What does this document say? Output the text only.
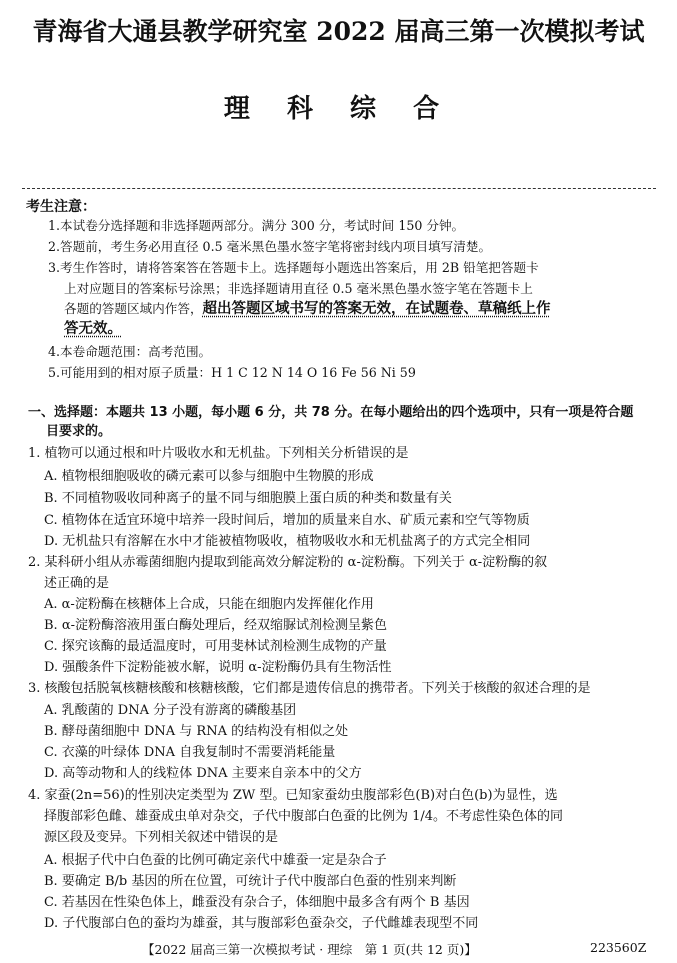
青海省大通县教学研究室 2022 届高三第一次模拟考试
理 科 综 合
考生注意：
1.本试卷分选择题和非选择题两部分。满分 300 分，考试时间 150 分钟。
2.答题前，考生务必用直径 0.5 毫米黑色墨水签字笔将密封线内项目填写清楚。
3.考生作答时，请将答案答在答题卡上。选择题每小题选出答案后，用 2B 铅笔把答题卡
上对应题目的答案标号涂黑；非选择题请用直径 0.5 毫米黑色墨水签字笔在答题卡上
各题的答题区域内作答，超出答题区域书写的答案无效，在试题卷、草稿纸上作
答无效。
4.本卷命题范围：高考范围。
5.可能用到的相对原子质量：H 1 C 12 N 14 O 16 Fe 56 Ni 59
一、选择题：本题共 13 小题，每小题 6 分，共 78 分。在每小题给出的四个选项中，只有一项是符合题
目要求的。
1. 植物可以通过根和叶片吸收水和无机盐。下列相关分析错误的是
A. 植物根细胞吸收的磷元素可以参与细胞中生物膜的形成
B. 不同植物吸收同种离子的量不同与细胞膜上蛋白质的种类和数量有关
C. 植物体在适宜环境中培养一段时间后，增加的质量来自水、矿质元素和空气等物质
D. 无机盐只有溶解在水中才能被植物吸收，植物吸收水和无机盐离子的方式完全相同
2. 某科研小组从赤霉菌细胞内提取到能高效分解淀粉的 α-淀粉酶。下列关于 α-淀粉酶的叙
述正确的是
A. α-淀粉酶在核糖体上合成，只能在细胞内发挥催化作用
B. α-淀粉酶溶液用蛋白酶处理后，经双缩脲试剂检测呈紫色
C. 探究该酶的最适温度时，可用斐林试剂检测生成物的产量
D. 强酸条件下淀粉能被水解，说明 α-淀粉酶仍具有生物活性
3. 核酸包括脱氧核糖核酸和核糖核酸，它们都是遗传信息的携带者。下列关于核酸的叙述合理的是
A. 乳酸菌的 DNA 分子没有游离的磷酸基团
B. 酵母菌细胞中 DNA 与 RNA 的结构没有相似之处
C. 衣藻的叶绿体 DNA 自我复制时不需要消耗能量
D. 高等动物和人的线粒体 DNA 主要来自亲本中的父方
4. 家蚕(2n=56)的性别决定类型为 ZW 型。已知家蚕幼虫腹部彩色(B)对白色(b)为显性，选
择腹部彩色雌、雄蚕成虫单对杂交，子代中腹部白色蚕的比例为 1/4。不考虑性染色体的同
源区段及变异。下列相关叙述中错误的是
A. 根据子代中白色蚕的比例可确定亲代中雄蚕一定是杂合子
B. 要确定 B/b 基因的所在位置，可统计子代中腹部白色蚕的性别来判断
C. 若基因在性染色体上，雌蚕没有杂合子，体细胞中最多含有两个 B 基因
D. 子代腹部白色的蚕均为雄蚕，其与腹部彩色蚕杂交，子代雌雄表现型不同
【2022 届高三第一次模拟考试 · 理综　第 1 页(共 12 页)】	223560Z
